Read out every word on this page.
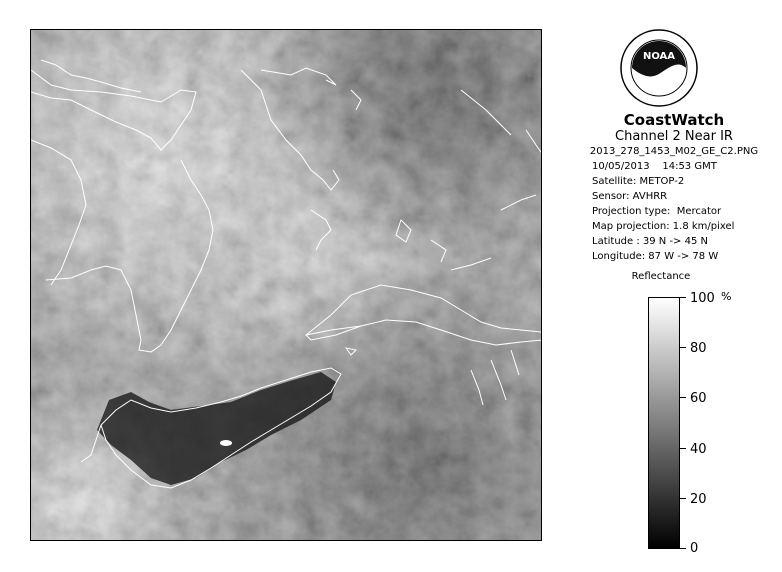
NOAA
CoastWatch
Channel 2 Near IR
2013_278_1453_M02_GE_C2.PNG
10/05/2013    14:53 GMT
Satellite: METOP-2
Sensor: AVHRR
Projection type:  Mercator
Map projection: 1.8 km/pixel
Latitude : 39 N -> 45 N
Longitude: 87 W -> 78 W
Reflectance
%
100
80
60
40
20
0
